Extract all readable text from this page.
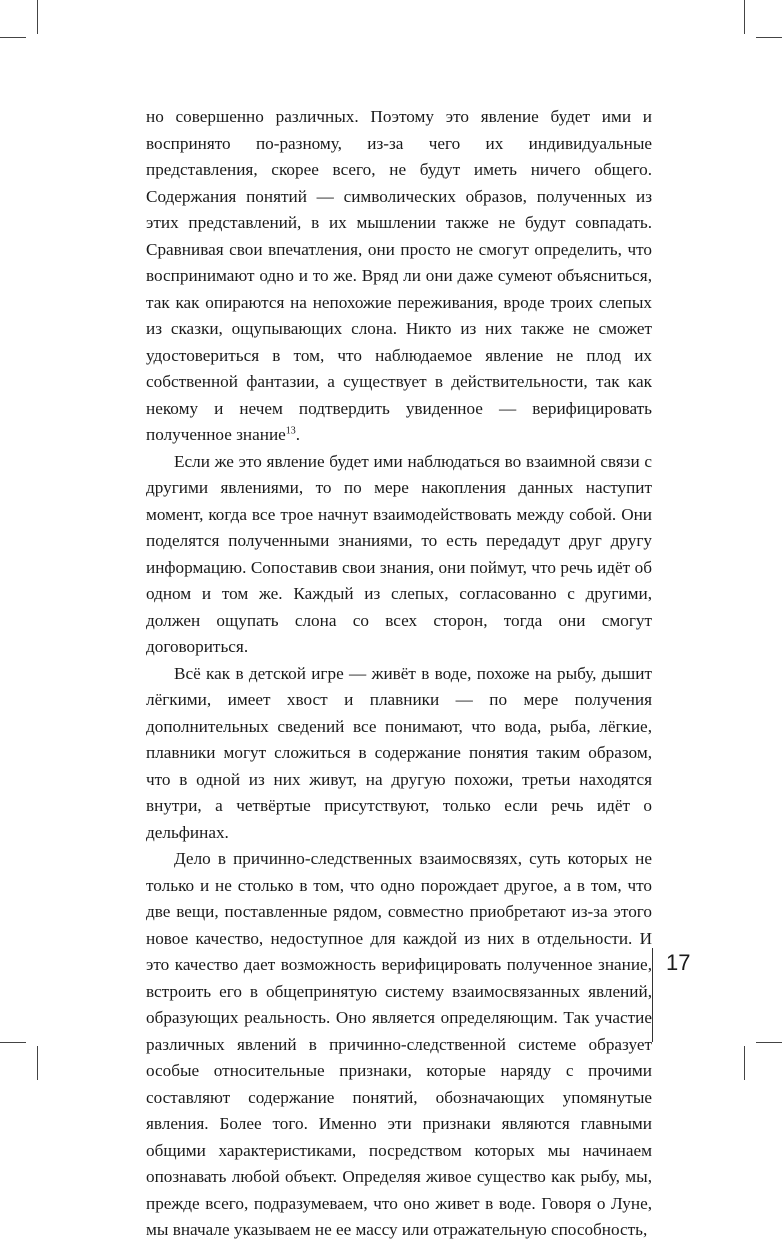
но совершенно различных. Поэтому это явление будет ими и воспринято по-разному, из-за чего их индивидуальные представления, скорее всего, не будут иметь ничего общего. Содержания понятий — символических образов, полученных из этих представлений, в их мышлении также не будут совпадать. Сравнивая свои впечатления, они просто не смогут определить, что воспринимают одно и то же. Вряд ли они даже сумеют объясниться, так как опираются на непохожие переживания, вроде троих слепых из сказки, ощупывающих слона. Никто из них также не сможет удостовериться в том, что наблюдаемое явление не плод их собственной фантазии, а существует в действительности, так как некому и нечем подтвердить увиденное — верифицировать полученное знание$^{13}$.

Если же это явление будет ими наблюдаться во взаимной связи с другими явлениями, то по мере накопления данных наступит момент, когда все трое начнут взаимодействовать между собой. Они поделятся полученными знаниями, то есть передадут друг другу информацию. Сопоставив свои знания, они поймут, что речь идёт об одном и том же. Каждый из слепых, согласованно с другими, должен ощупать слона со всех сторон, тогда они смогут договориться.

Всё как в детской игре — живёт в воде, похоже на рыбу, дышит лёгкими, имеет хвост и плавники — по мере получения дополнительных сведений все понимают, что вода, рыба, лёгкие, плавники могут сложиться в содержание понятия таким образом, что в одной из них живут, на другую похожи, третьи находятся внутри, а четвёртые присутствуют, только если речь идёт о дельфинах.

Дело в причинно-следственных взаимосвязях, суть которых не только и не столько в том, что одно порождает другое, а в том, что две вещи, поставленные рядом, совместно приобретают из-за этого новое качество, недоступное для каждой из них в отдельности. И это качество дает возможность верифицировать полученное знание, встроить его в общепринятую систему взаимосвязанных явлений, образующих реальность. Оно является определяющим. Так участие различных явлений в причинно-следственной системе образует особые относительные признаки, которые наряду с прочими составляют содержание понятий, обозначающих упомянутые явления. Более того. Именно эти признаки являются главными общими характеристиками, посредством которых мы начинаем опознавать любой объект. Определяя живое существо как рыбу, мы, прежде всего, подразумеваем, что оно живет в воде. Говоря о Луне, мы вначале указываем не ее массу или отражательную способность,

17
